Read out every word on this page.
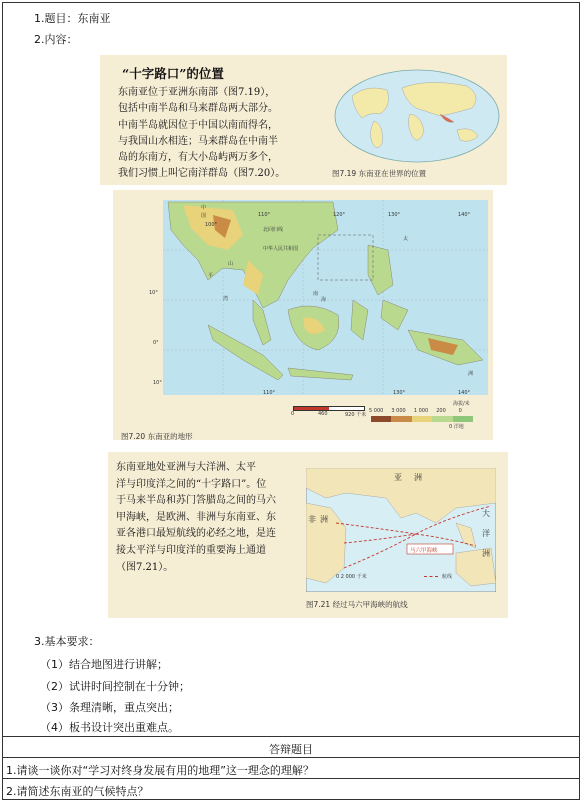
1.题目：东南亚
2.内容：
“十字路口”的位置
东南亚位于亚洲东南部（图7.19），
包括中南半岛和马来群岛两大部分。
中南半岛就因位于中国以南而得名，
与我国山水相连；马来群岛在中南半
岛的东南方，有大小岛屿两万多个，
我们习惯上叫它南洋群岛（图7.20）。	图7.19 东南亚在世界的位置
中
国
中华人民共和国
北回归线
太
洲
南
海
湾
山
平
110°
100°
120°	130°	140°
10°
0°
10°
110°	130°	140°
0	460	920 千米
海拔/米
5 000	3 000	1 000	200	0
0 洋地
图7.20 东南亚的地形
东南亚地处亚洲与大洋洲、太平
洋与印度洋之间的“十字路口”。位
于马来半岛和苏门答腊岛之间的马六
甲海峡，是欧洲、非洲与东南亚、东
亚各港口最短航线的必经之地，是连
接太平洋与印度洋的重要海上通道
（图7.21）。
亚 洲
非 洲
大
洋
洲
马六甲海峡
0 2 000 千米	航线
图7.21 经过马六甲海峡的航线
3.基本要求：
（1）结合地图进行讲解；
（2）试讲时间控制在十分钟；
（3）条理清晰，重点突出；
（4）板书设计突出重难点。
答辩题目
1.请谈一谈你对“学习对终身发展有用的地理”这一理念的理解？
2.请简述东南亚的气候特点？
